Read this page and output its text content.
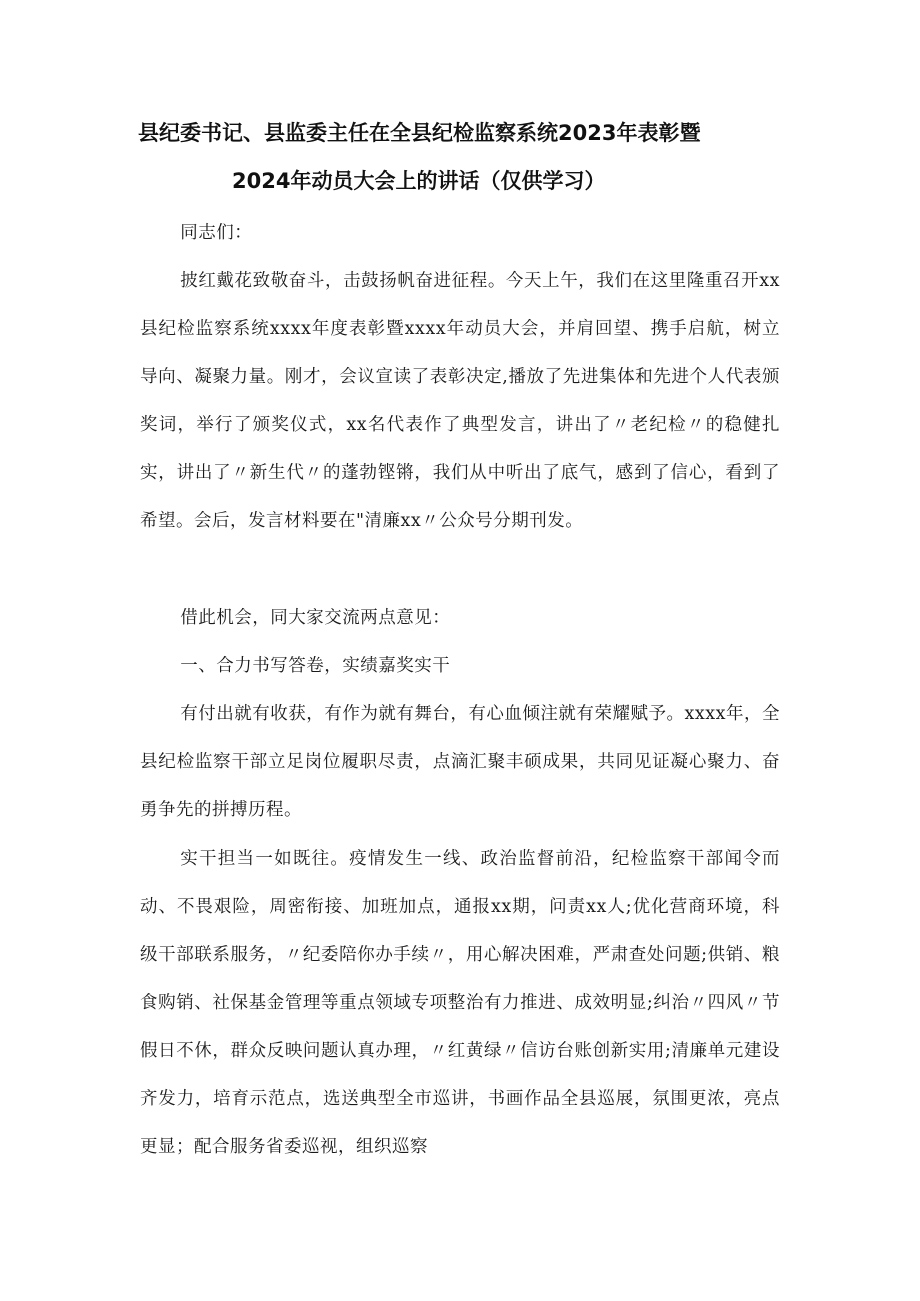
县纪委书记、县监委主任在全县纪检监察系统2023年表彰暨
2024年动员大会上的讲话（仅供学习）

同志们：

披红戴花致敬奋斗，击鼓扬帆奋进征程。今天上午，我们在这里隆重召开xx县纪检监察系统xxxx年度表彰暨xxxx年动员大会，并肩回望、携手启航，树立导向、凝聚力量。刚才，会议宣读了表彰决定,播放了先进集体和先进个人代表颁奖词，举行了颁奖仪式，xx名代表作了典型发言，讲出了〃老纪检〃的稳健扎实，讲出了〃新生代〃的蓬勃铿锵，我们从中听出了底气，感到了信心，看到了希望。会后，发言材料要在"清廉xx〃公众号分期刊发。

借此机会，同大家交流两点意见：

一、合力书写答卷，实绩嘉奖实干

有付出就有收获，有作为就有舞台，有心血倾注就有荣耀赋予。xxxx年，全县纪检监察干部立足岗位履职尽责，点滴汇聚丰硕成果，共同见证凝心聚力、奋勇争先的拼搏历程。

实干担当一如既往。疫情发生一线、政治监督前沿，纪检监察干部闻令而动、不畏艰险，周密衔接、加班加点，通报xx期，问责xx人;优化营商环境，科级干部联系服务，〃纪委陪你办手续〃，用心解决困难，严肃查处问题;供销、粮食购销、社保基金管理等重点领域专项整治有力推进、成效明显;纠治〃四风〃节假日不休，群众反映问题认真办理，〃红黄绿〃信访台账创新实用;清廉单元建设齐发力，培育示范点，选送典型全市巡讲，书画作品全县巡展，氛围更浓，亮点更显；配合服务省委巡视，组织巡察
